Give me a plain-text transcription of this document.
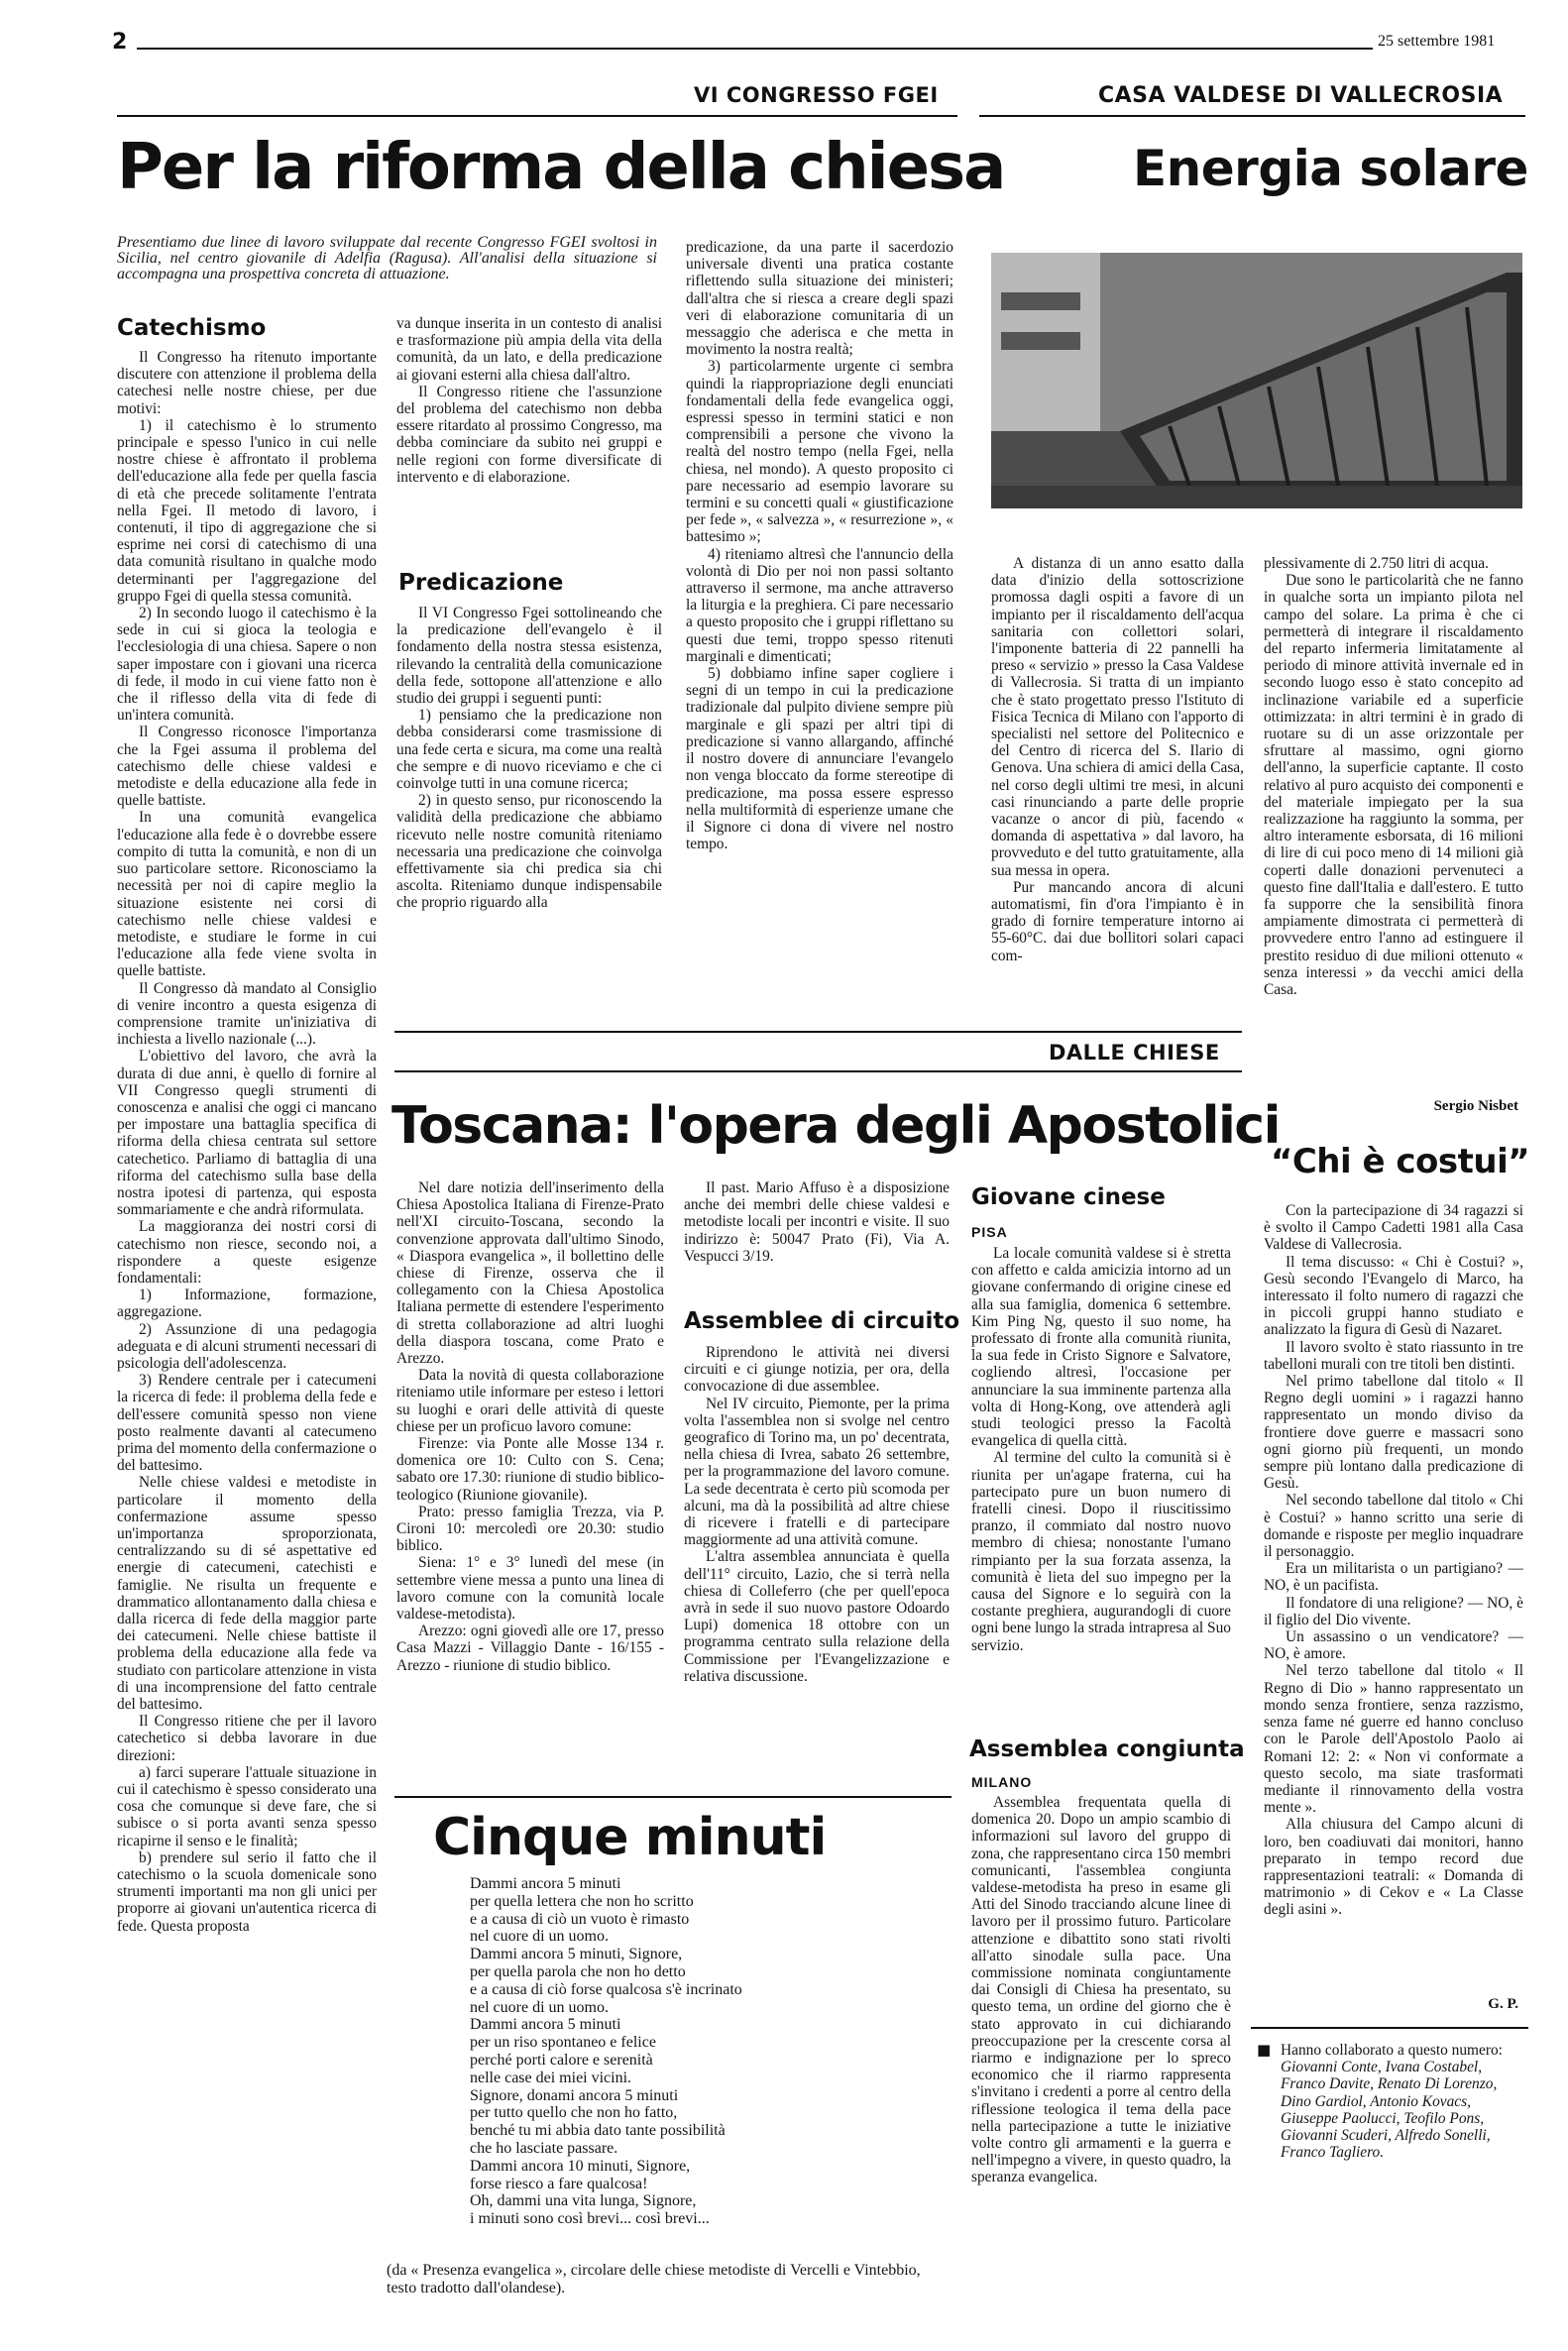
2	25 settembre 1981
VI CONGRESSO FGEI
Per la riforma della chiesa
Presentiamo due linee di lavoro sviluppate dal recente Congresso FGEI svoltosi in Sicilia, nel centro giovanile di Adelfia (Ragusa). All'analisi della situazione si accompagna una prospettiva concreta di attuazione.
Catechismo

Il Congresso ha ritenuto importante discutere con attenzione il problema della catechesi nelle nostre chiese, per due motivi:

1) il catechismo è lo strumento principale e spesso l'unico in cui nelle nostre chiese è affrontato il problema dell'educazione alla fede per quella fascia di età che precede solitamente l'entrata nella Fgei. Il metodo di lavoro, i contenuti, il tipo di aggregazione che si esprime nei corsi di catechismo di una data comunità risultano in qualche modo determinanti per l'aggregazione del gruppo Fgei di quella stessa comunità.

2) In secondo luogo il catechismo è la sede in cui si gioca la teologia e l'ecclesiologia di una chiesa. Sapere o non saper impostare con i giovani una ricerca di fede, il modo in cui viene fatto non è che il riflesso della vita di fede di un'intera comunità.

Il Congresso riconosce l'importanza che la Fgei assuma il problema del catechismo delle chiese valdesi e metodiste e della educazione alla fede in quelle battiste.

In una comunità evangelica l'educazione alla fede è o dovrebbe essere compito di tutta la comunità, e non di un suo particolare settore. Riconosciamo la necessità per noi di capire meglio la situazione esistente nei corsi di catechismo nelle chiese valdesi e metodiste, e studiare le forme in cui l'educazione alla fede viene svolta in quelle battiste.

Il Congresso dà mandato al Consiglio di venire incontro a questa esigenza di comprensione tramite un'iniziativa di inchiesta a livello nazionale (...).

L'obiettivo del lavoro, che avrà la durata di due anni, è quello di fornire al VII Congresso quegli strumenti di conoscenza e analisi che oggi ci mancano per impostare una battaglia specifica di riforma della chiesa centrata sul settore catechetico. Parliamo di battaglia di una riforma del catechismo sulla base della nostra ipotesi di partenza, qui esposta sommariamente e che andrà riformulata.

La maggioranza dei nostri corsi di catechismo non riesce, secondo noi, a rispondere a queste esigenze fondamentali:

1) Informazione, formazione, aggregazione.

2) Assunzione di una pedagogia adeguata e di alcuni strumenti necessari di psicologia dell'adolescenza.

3) Rendere centrale per i catecumeni la ricerca di fede: il problema della fede e dell'essere comunità spesso non viene posto realmente davanti al catecumeno prima del momento della confermazione o del battesimo.

Nelle chiese valdesi e metodiste in particolare il momento della confermazione assume spesso un'importanza sproporzionata, centralizzando su di sé aspettative ed energie di catecumeni, catechisti e famiglie. Ne risulta un frequente e drammatico allontanamento dalla chiesa e dalla ricerca di fede della maggior parte dei catecumeni. Nelle chiese battiste il problema della educazione alla fede va studiato con particolare attenzione in vista di una incomprensione del fatto centrale del battesimo.

Il Congresso ritiene che per il lavoro catechetico si debba lavorare in due direzioni:

a) farci superare l'attuale situazione in cui il catechismo è spesso considerato una cosa che comunque si deve fare, che si subisce o si porta avanti senza spesso ricapirne il senso e le finalità;

b) prendere sul serio il fatto che il catechismo o la scuola domenicale sono strumenti importanti ma non gli unici per proporre ai giovani un'autentica ricerca di fede. Questa proposta

va dunque inserita in un contesto di analisi e trasformazione più ampia della vita della comunità, da un lato, e della predicazione ai giovani esterni alla chiesa dall'altro.

Il Congresso ritiene che l'assunzione del problema del catechismo non debba essere ritardato al prossimo Congresso, ma debba cominciare da subito nei gruppi e nelle regioni con forme diversificate di intervento e di elaborazione.

Predicazione

Il VI Congresso Fgei sottolineando che la predicazione dell'evangelo è il fondamento della nostra stessa esistenza, rilevando la centralità della comunicazione della fede, sottopone all'attenzione e allo studio dei gruppi i seguenti punti:

1) pensiamo che la predicazione non debba considerarsi come trasmissione di una fede certa e sicura, ma come una realtà che sempre e di nuovo riceviamo e che ci coinvolge tutti in una comune ricerca;

2) in questo senso, pur riconoscendo la validità della predicazione che abbiamo ricevuto nelle nostre comunità riteniamo necessaria una predicazione che coinvolga effettivamente sia chi predica sia chi ascolta. Riteniamo dunque indispensabile che proprio riguardo alla

predicazione, da una parte il sacerdozio universale diventi una pratica costante riflettendo sulla situazione dei ministeri; dall'altra che si riesca a creare degli spazi veri di elaborazione comunitaria di un messaggio che aderisca e che metta in movimento la nostra realtà;

3) particolarmente urgente ci sembra quindi la riappropriazione degli enunciati fondamentali della fede evangelica oggi, espressi spesso in termini statici e non comprensibili a persone che vivono la realtà del nostro tempo (nella Fgei, nella chiesa, nel mondo). A questo proposito ci pare necessario ad esempio lavorare su termini e su concetti quali « giustificazione per fede », « salvezza », « resurrezione », « battesimo »;

4) riteniamo altresì che l'annuncio della volontà di Dio per noi non passi soltanto attraverso il sermone, ma anche attraverso la liturgia e la preghiera. Ci pare necessario a questo proposito che i gruppi riflettano su questi due temi, troppo spesso ritenuti marginali e dimenticati;

5) dobbiamo infine saper cogliere i segni di un tempo in cui la predicazione tradizionale dal pulpito diviene sempre più marginale e gli spazi per altri tipi di predicazione si vanno allargando, affinché il nostro dovere di annunciare l'evangelo non venga bloccato da forme stereotipe di predicazione, ma possa essere espresso nella multiformità di esperienze umane che il Signore ci dona di vivere nel nostro tempo.

CASA VALDESE DI VALLECROSIA
Energia solare

A distanza di un anno esatto dalla data d'inizio della sottoscrizione promossa dagli ospiti a favore di un impianto per il riscaldamento dell'acqua sanitaria con collettori solari, l'imponente batteria di 22 pannelli ha preso « servizio » presso la Casa Valdese di Vallecrosia. Si tratta di un impianto che è stato progettato presso l'Istituto di Fisica Tecnica di Milano con l'apporto di specialisti nel settore del Politecnico e del Centro di ricerca del S. Ilario di Genova. Una schiera di amici della Casa, nel corso degli ultimi tre mesi, in alcuni casi rinunciando a parte delle proprie vacanze o ancor di più, facendo « domanda di aspettativa » dal lavoro, ha provveduto e del tutto gratuitamente, alla sua messa in opera.

Pur mancando ancora di alcuni automatismi, fin d'ora l'impianto è in grado di fornire temperature intorno ai 55-60°C. dai due bollitori solari capaci com-

plessivamente di 2.750 litri di acqua.

Due sono le particolarità che ne fanno in qualche sorta un impianto pilota nel campo del solare. La prima è che ci permetterà di integrare il riscaldamento del reparto infermeria limitatamente al periodo di minore attività invernale ed in secondo luogo esso è stato concepito ad inclinazione variabile ed a superficie ottimizzata: in altri termini è in grado di ruotare su di un asse orizzontale per sfruttare al massimo, ogni giorno dell'anno, la superficie captante. Il costo relativo al puro acquisto dei componenti e del materiale impiegato per la sua realizzazione ha raggiunto la somma, per altro interamente esborsata, di 16 milioni di lire di cui poco meno di 14 milioni già coperti dalle donazioni pervenuteci a questo fine dall'Italia e dall'estero. E tutto fa supporre che la sensibilità finora ampiamente dimostrata ci permetterà di provvedere entro l'anno ad estinguere il prestito residuo di due milioni ottenuto « senza interessi » da vecchi amici della Casa.

Sergio Nisbet
DALLE CHIESE
Toscana: l'opera degli Apostolici

Nel dare notizia dell'inserimento della Chiesa Apostolica Italiana di Firenze-Prato nell'XI circuito-Toscana, secondo la convenzione approvata dall'ultimo Sinodo, « Diaspora evangelica », il bollettino delle chiese di Firenze, osserva che il collegamento con la Chiesa Apostolica Italiana permette di estendere l'esperimento di stretta collaborazione ad altri luoghi della diaspora toscana, come Prato e Arezzo.

Data la novità di questa collaborazione riteniamo utile informare per esteso i lettori su luoghi e orari delle attività di queste chiese per un proficuo lavoro comune:

Firenze: via Ponte alle Mosse 134 r. domenica ore 10: Culto con S. Cena; sabato ore 17.30: riunione di studio biblico-teologico (Riunione giovanile).

Prato: presso famiglia Trezza, via P. Cironi 10: mercoledì ore 20.30: studio biblico.

Siena: 1° e 3° lunedì del mese (in settembre viene messa a punto una linea di lavoro comune con la comunità locale valdese-metodista).

Arezzo: ogni giovedì alle ore 17, presso Casa Mazzi - Villaggio Dante - 16/155 - Arezzo - riunione di studio biblico.

Il past. Mario Affuso è a disposizione anche dei membri delle chiese valdesi e metodiste locali per incontri e visite. Il suo indirizzo è: 50047 Prato (Fi), Via A. Vespucci 3/19.

Assemblee di circuito

Riprendono le attività nei diversi circuiti e ci giunge notizia, per ora, della convocazione di due assemblee.

Nel IV circuito, Piemonte, per la prima volta l'assemblea non si svolge nel centro geografico di Torino ma, un po' decentrata, nella chiesa di Ivrea, sabato 26 settembre, per la programmazione del lavoro comune. La sede decentrata è certo più scomoda per alcuni, ma dà la possibilità ad altre chiese di ricevere i fratelli e di partecipare maggiormente ad una attività comune.

L'altra assemblea annunciata è quella dell'11° circuito, Lazio, che si terrà nella chiesa di Colleferro (che per quell'epoca avrà in sede il suo nuovo pastore Odoardo Lupi) domenica 18 ottobre con un programma centrato sulla relazione della Commissione per l'Evangelizzazione e relativa discussione.

Giovane cinese
PISA

La locale comunità valdese si è stretta con affetto e calda amicizia intorno ad un giovane confermando di origine cinese ed alla sua famiglia, domenica 6 settembre. Kim Ping Ng, questo il suo nome, ha professato di fronte alla comunità riunita, la sua fede in Cristo Signore e Salvatore, cogliendo altresì, l'occasione per annunciare la sua imminente partenza alla volta di Hong-Kong, ove attenderà agli studi teologici presso la Facoltà evangelica di quella città.

Al termine del culto la comunità si è riunita per un'agape fraterna, cui ha partecipato pure un buon numero di fratelli cinesi. Dopo il riuscitissimo pranzo, il commiato dal nostro nuovo membro di chiesa; nonostante l'umano rimpianto per la sua forzata assenza, la comunità è lieta del suo impegno per la causa del Signore e lo seguirà con la costante preghiera, augurandogli di cuore ogni bene lungo la strada intrapresa al Suo servizio.

Assemblea congiunta
MILANO

Assemblea frequentata quella di domenica 20. Dopo un ampio scambio di informazioni sul lavoro del gruppo di zona, che rappresentano circa 150 membri comunicanti, l'assemblea congiunta valdese-metodista ha preso in esame gli Atti del Sinodo tracciando alcune linee di lavoro per il prossimo futuro. Particolare attenzione e dibattito sono stati rivolti all'atto sinodale sulla pace. Una commissione nominata congiuntamente dai Consigli di Chiesa ha presentato, su questo tema, un ordine del giorno che è stato approvato in cui dichiarando preoccupazione per la crescente corsa al riarmo e indignazione per lo spreco economico che il riarmo rappresenta s'invitano i credenti a porre al centro della riflessione teologica il tema della pace nella partecipazione a tutte le iniziative volte contro gli armamenti e la guerra e nell'impegno a vivere, in questo quadro, la speranza evangelica.

“Chi è costui”

Con la partecipazione di 34 ragazzi si è svolto il Campo Cadetti 1981 alla Casa Valdese di Vallecrosia.

Il tema discusso: « Chi è Costui? », Gesù secondo l'Evangelo di Marco, ha interessato il folto numero di ragazzi che in piccoli gruppi hanno studiato e analizzato la figura di Gesù di Nazaret.

Il lavoro svolto è stato riassunto in tre tabelloni murali con tre titoli ben distinti.

Nel primo tabellone dal titolo « Il Regno degli uomini » i ragazzi hanno rappresentato un mondo diviso da frontiere dove guerre e massacri sono ogni giorno più frequenti, un mondo sempre più lontano dalla predicazione di Gesù.

Nel secondo tabellone dal titolo « Chi è Costui? » hanno scritto una serie di domande e risposte per meglio inquadrare il personaggio.

Era un militarista o un partigiano? — NO, è un pacifista.

Il fondatore di una religione? — NO, è il figlio del Dio vivente.

Un assassino o un vendicatore? — NO, è amore.

Nel terzo tabellone dal titolo « Il Regno di Dio » hanno rappresentato un mondo senza frontiere, senza razzismo, senza fame né guerre ed hanno concluso con le Parole dell'Apostolo Paolo ai Romani 12: 2: « Non vi conformate a questo secolo, ma siate trasformati mediante il rinnovamento della vostra mente ».

Alla chiusura del Campo alcuni di loro, ben coadiuvati dai monitori, hanno preparato in tempo record due rappresentazioni teatrali: « Domanda di matrimonio » di Cekov e « La Classe degli asini ».

G. P.
■ Hanno collaborato a questo numero: Giovanni Conte, Ivana Costabel, Franco Davite, Renato Di Lorenzo, Dino Gardiol, Antonio Kovacs, Giuseppe Paolucci, Teofilo Pons, Giovanni Scuderi, Alfredo Sonelli, Franco Tagliero.
Cinque minuti
Dammi ancora 5 minuti
per quella lettera che non ho scritto
e a causa di ciò un vuoto è rimasto
nel cuore di un uomo.
Dammi ancora 5 minuti, Signore,
per quella parola che non ho detto
e a causa di ciò forse qualcosa s'è incrinato
nel cuore di un uomo.
Dammi ancora 5 minuti
per un riso spontaneo e felice
perché porti calore e serenità
nelle case dei miei vicini.
Signore, donami ancora 5 minuti
per tutto quello che non ho fatto,
benché tu mi abbia dato tante possibilità
che ho lasciate passare.
Dammi ancora 10 minuti, Signore,
forse riesco a fare qualcosa!
Oh, dammi una vita lunga, Signore,
i minuti sono così brevi... così brevi...
(da « Presenza evangelica », circolare delle chiese metodiste di Vercelli e Vintebbio, testo tradotto dall'olandese).
